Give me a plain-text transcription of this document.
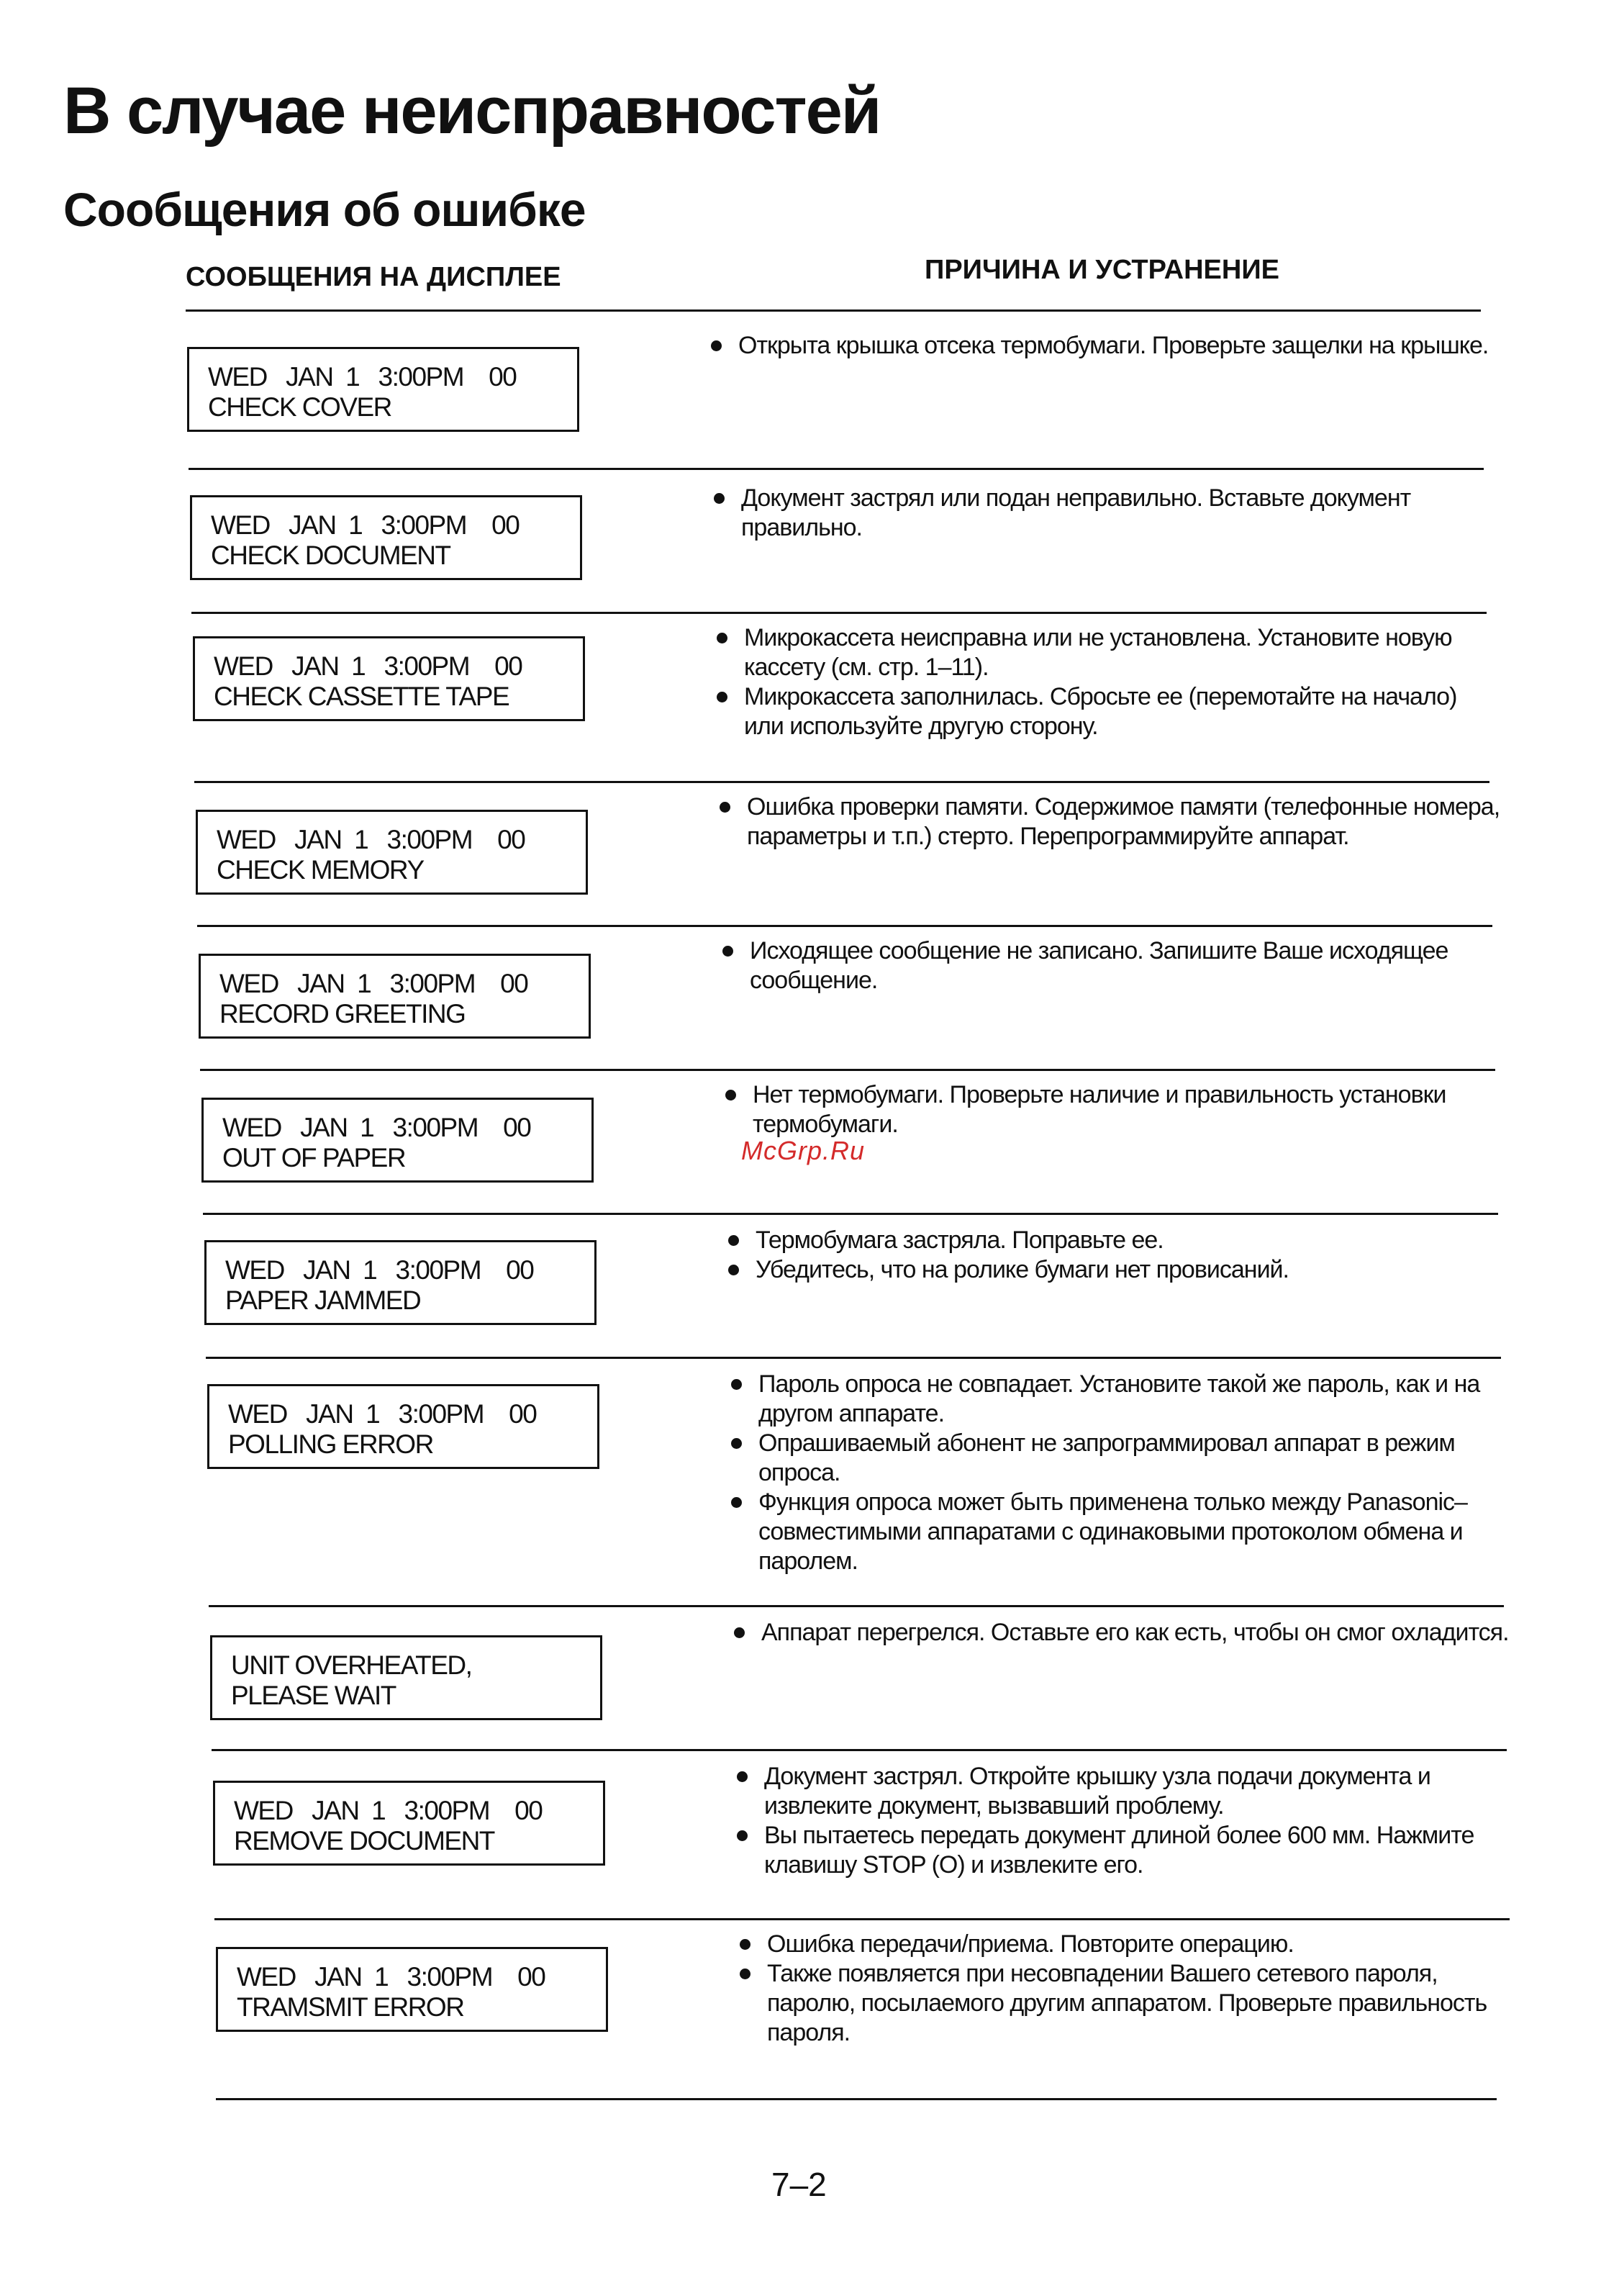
В случае неисправностей
Сообщения об ошибке
СООБЩЕНИЯ НА ДИСПЛЕЕ	ПРИЧИНА И УСТРАНЕНИЕ
WED   JAN  1   3:00PM    00
CHECK COVER
Открыта крышка отсека термобумаги. Проверьте защелки на крышке.
WED   JAN  1   3:00PM    00
CHECK DOCUMENT
Документ застрял или подан неправильно. Вставьте документ правильно.
WED   JAN  1   3:00PM    00
CHECK CASSETTE TAPE
Микрокассета неисправна или не установлена. Установите новую кассету (см. стр. 1–11).
Микрокассета заполнилась. Сбросьте ее (перемотайте на начало) или используйте другую сторону.
WED   JAN  1   3:00PM    00
CHECK MEMORY
Ошибка проверки памяти. Содержимое памяти (телефонные номера, параметры и т.п.) стерто. Перепрограммируйте аппарат.
WED   JAN  1   3:00PM    00
RECORD GREETING
Исходящее сообщение не записано. Запишите Ваше исходящее сообщение.
WED   JAN  1   3:00PM    00
OUT OF PAPER
Нет термобумаги. Проверьте наличие и правильность установки термобумаги.
WED   JAN  1   3:00PM    00
PAPER JAMMED
Термобумага застряла. Поправьте ее.
Убедитесь, что на ролике бумаги нет провисаний.
WED   JAN  1   3:00PM    00
POLLING ERROR
Пароль опроса не совпадает. Установите такой же пароль, как и на другом аппарате.
Опрашиваемый абонент не запрограммировал аппарат в режим опроса.
Функция опроса может быть применена только между Panasonic–совместимыми аппаратами с одинаковыми протоколом обмена и паролем.
UNIT OVERHEATED,
PLEASE WAIT
Аппарат перегрелся. Оставьте его как есть, чтобы он смог охладится.
WED   JAN  1   3:00PM    00
REMOVE DOCUMENT
Документ застрял. Откройте крышку узла подачи документа и извлеките документ, вызвавший проблему.
Вы пытаетесь передать документ длиной более 600 мм. Нажмите клавишу STOP (O) и извлеките его.
WED   JAN  1   3:00PM    00
TRAMSMIT ERROR
Ошибка передачи/приема. Повторите операцию.
Также появляется при несовпадении Вашего сетевого пароля, паролю, посылаемого другим аппаратом. Проверьте правильность пароля.
McGrp.Ru
7–2
